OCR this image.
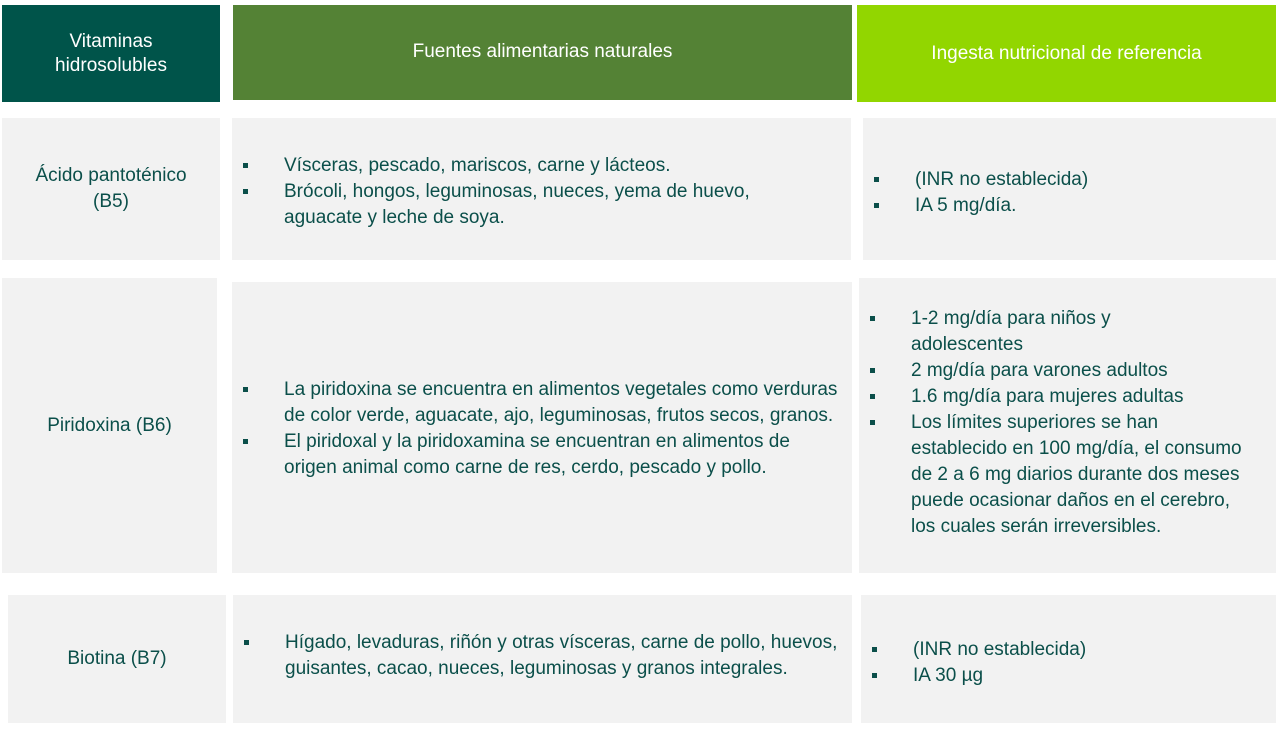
Vitaminas hidrosolubles
Fuentes alimentarias naturales	Ingesta nutricional de referencia
Ácido pantoténico (B5)
Vísceras, pescado, mariscos, carne y lácteos.
Brócoli, hongos, leguminosas, nueces, yema de huevo, aguacate y leche de soya.
(INR no establecida)
IA 5 mg/día.
Piridoxina (B6)
La piridoxina se encuentra en alimentos vegetales como verduras de color verde, aguacate, ajo, leguminosas, frutos secos, granos.
El piridoxal y la piridoxamina se encuentran en alimentos de origen animal como carne de res, cerdo, pescado y pollo.
1-2 mg/día para niños y adolescentes
2 mg/día para varones adultos
1.6 mg/día para mujeres adultas
Los límites superiores se han establecido en 100 mg/día, el consumo de 2 a 6 mg diarios durante dos meses puede ocasionar daños en el cerebro, los cuales serán irreversibles.
Biotina (B7)
Hígado, levaduras, riñón y otras vísceras, carne de pollo, huevos, guisantes, cacao, nueces, leguminosas y granos integrales.
(INR no establecida)
IA 30 µg
